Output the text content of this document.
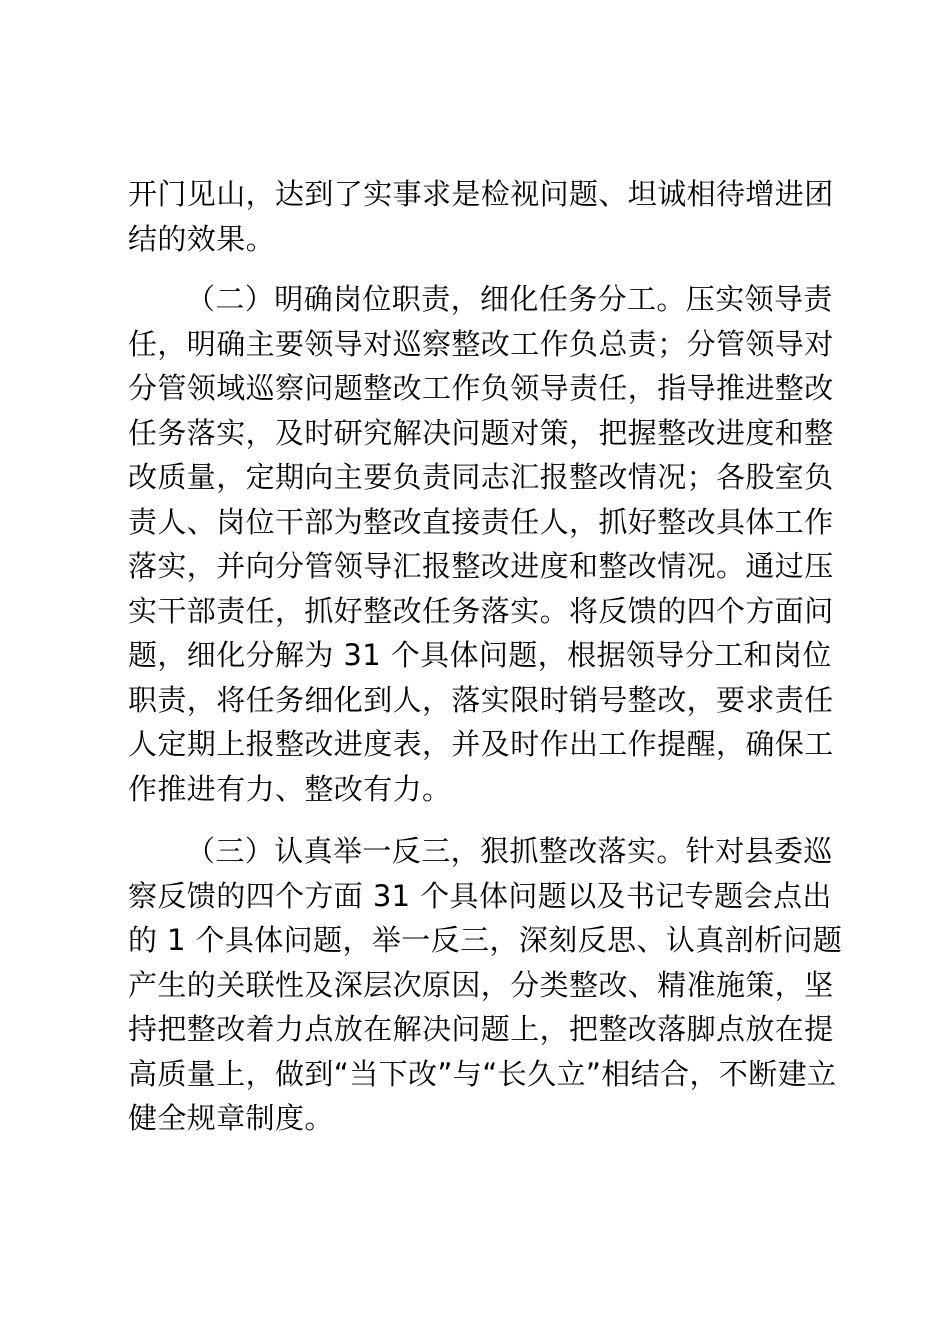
开门见山，达到了实事求是检视问题、坦诚相待增进团
结的效果。

（二）明确岗位职责，细化任务分工。压实领导责
任，明确主要领导对巡察整改工作负总责；分管领导对
分管领域巡察问题整改工作负领导责任，指导推进整改
任务落实，及时研究解决问题对策，把握整改进度和整
改质量，定期向主要负责同志汇报整改情况；各股室负
责人、岗位干部为整改直接责任人，抓好整改具体工作
落实，并向分管领导汇报整改进度和整改情况。通过压
实干部责任，抓好整改任务落实。将反馈的四个方面问
题，细化分解为 31 个具体问题，根据领导分工和岗位
职责，将任务细化到人，落实限时销号整改，要求责任
人定期上报整改进度表，并及时作出工作提醒，确保工
作推进有力、整改有力。

（三）认真举一反三，狠抓整改落实。针对县委巡
察反馈的四个方面 31 个具体问题以及书记专题会点出
的 1 个具体问题，举一反三，深刻反思、认真剖析问题
产生的关联性及深层次原因，分类整改、精准施策，坚
持把整改着力点放在解决问题上，把整改落脚点放在提
高质量上，做到“当下改”与“长久立”相结合，不断建立
健全规章制度。
